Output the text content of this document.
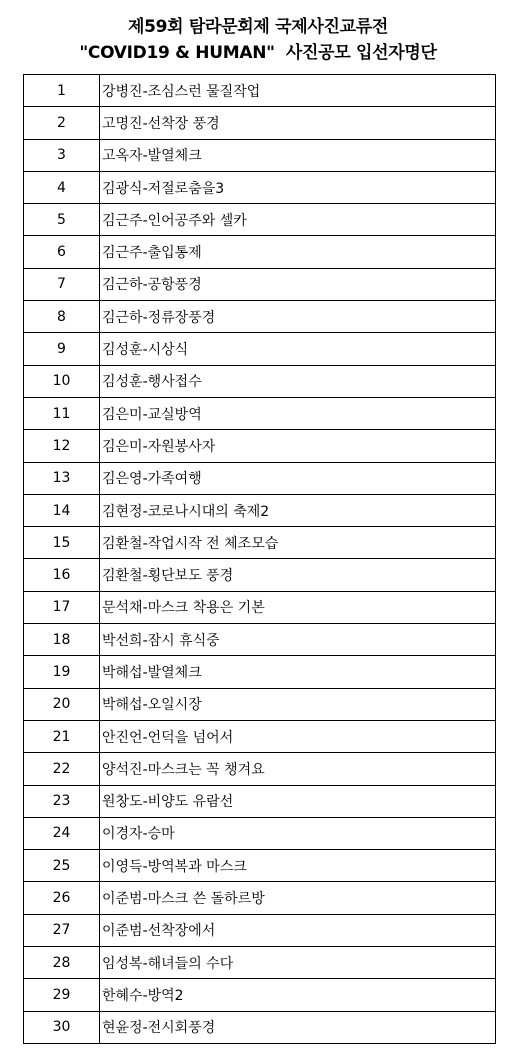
제59회 탐라문회제 국제사진교류전
"COVID19 & HUMAN"  사진공모 입선자명단
1	강병진-조심스런 물질작업
2	고명진-선착장 풍경
3	고옥자-발열체크
4	김광식-저절로춤을3
5	김근주-인어공주와 셀카
6	김근주-출입통제
7	김근하-공항풍경
8	김근하-정류장풍경
9	김성훈-시상식
10	김성훈-행사접수
11	김은미-교실방역
12	김은미-자원봉사자
13	김은영-가족여행
14	김현정-코로나시대의 축제2
15	김환철-작업시작 전 체조모습
16	김환철-횡단보도 풍경
17	문석채-마스크 착용은 기본
18	박선희-잠시 휴식중
19	박해섭-발열체크
20	박해섭-오일시장
21	안진언-언덕을 넘어서
22	양석진-마스크는 꼭 챙겨요
23	원창도-비양도 유람선
24	이경자-승마
25	이영득-방역복과 마스크
26	이준범-마스크 쓴 돌하르방
27	이준범-선착장에서
28	임성복-해녀들의 수다
29	한혜수-방역2
30	현윤정-전시회풍경
